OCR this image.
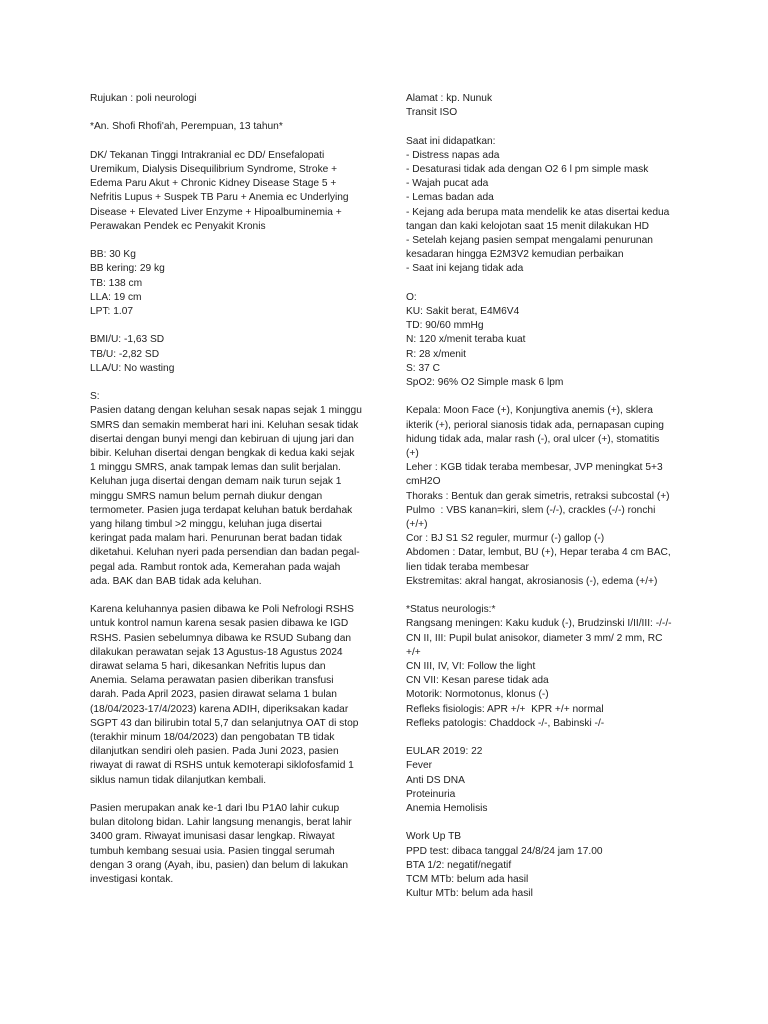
Rujukan : poli neurologi
*An. Shofi Rhofi'ah, Perempuan, 13 tahun*
DK/ Tekanan Tinggi Intrakranial ec DD/ Ensefalopati
Uremikum, Dialysis Disequilibrium Syndrome, Stroke +
Edema Paru Akut + Chronic Kidney Disease Stage 5 +
Nefritis Lupus + Suspek TB Paru + Anemia ec Underlying
Disease + Elevated Liver Enzyme + Hipoalbuminemia +
Perawakan Pendek ec Penyakit Kronis
BB: 30 Kg
BB kering: 29 kg
TB: 138 cm
LLA: 19 cm
LPT: 1.07
BMI/U: -1,63 SD
TB/U: -2,82 SD
LLA/U: No wasting
S:
Pasien datang dengan keluhan sesak napas sejak 1 minggu
SMRS dan semakin memberat hari ini. Keluhan sesak tidak
disertai dengan bunyi mengi dan kebiruan di ujung jari dan
bibir. Keluhan disertai dengan bengkak di kedua kaki sejak
1 minggu SMRS, anak tampak lemas dan sulit berjalan.
Keluhan juga disertai dengan demam naik turun sejak 1
minggu SMRS namun belum pernah diukur dengan
termometer. Pasien juga terdapat keluhan batuk berdahak
yang hilang timbul >2 minggu, keluhan juga disertai
keringat pada malam hari. Penurunan berat badan tidak
diketahui. Keluhan nyeri pada persendian dan badan pegal-
pegal ada. Rambut rontok ada, Kemerahan pada wajah
ada. BAK dan BAB tidak ada keluhan.
Karena keluhannya pasien dibawa ke Poli Nefrologi RSHS
untuk kontrol namun karena sesak pasien dibawa ke IGD
RSHS. Pasien sebelumnya dibawa ke RSUD Subang dan
dilakukan perawatan sejak 13 Agustus-18 Agustus 2024
dirawat selama 5 hari, dikesankan Nefritis lupus dan
Anemia. Selama perawatan pasien diberikan transfusi
darah. Pada April 2023, pasien dirawat selama 1 bulan
(18/04/2023-17/4/2023) karena ADIH, diperiksakan kadar
SGPT 43 dan bilirubin total 5,7 dan selanjutnya OAT di stop
(terakhir minum 18/04/2023) dan pengobatan TB tidak
dilanjutkan sendiri oleh pasien. Pada Juni 2023, pasien
riwayat di rawat di RSHS untuk kemoterapi siklofosfamid 1
siklus namun tidak dilanjutkan kembali.
Pasien merupakan anak ke-1 dari Ibu P1A0 lahir cukup
bulan ditolong bidan. Lahir langsung menangis, berat lahir
3400 gram. Riwayat imunisasi dasar lengkap. Riwayat
tumbuh kembang sesuai usia. Pasien tinggal serumah
dengan 3 orang (Ayah, ibu, pasien) dan belum di lakukan
investigasi kontak.
Alamat : kp. Nunuk
Transit ISO
Saat ini didapatkan:
- Distress napas ada
- Desaturasi tidak ada dengan O2 6 l pm simple mask
- Wajah pucat ada
- Lemas badan ada
- Kejang ada berupa mata mendelik ke atas disertai kedua
tangan dan kaki kelojotan saat 15 menit dilakukan HD
- Setelah kejang pasien sempat mengalami penurunan
kesadaran hingga E2M3V2 kemudian perbaikan
- Saat ini kejang tidak ada
O:
KU: Sakit berat, E4M6V4
TD: 90/60 mmHg
N: 120 x/menit teraba kuat
R: 28 x/menit
S: 37 C
SpO2: 96% O2 Simple mask 6 lpm
Kepala: Moon Face (+), Konjungtiva anemis (+), sklera
ikterik (+), perioral sianosis tidak ada, pernapasan cuping
hidung tidak ada, malar rash (-), oral ulcer (+), stomatitis
(+)
Leher : KGB tidak teraba membesar, JVP meningkat 5+3
cmH2O
Thoraks : Bentuk dan gerak simetris, retraksi subcostal (+)
Pulmo  : VBS kanan=kiri, slem (-/-), crackles (-/-) ronchi
(+/+)
Cor : BJ S1 S2 reguler, murmur (-) gallop (-)
Abdomen : Datar, lembut, BU (+), Hepar teraba 4 cm BAC,
lien tidak teraba membesar
Ekstremitas: akral hangat, akrosianosis (-), edema (+/+)
*Status neurologis:*
Rangsang meningen: Kaku kuduk (-), Brudzinski I/II/III: -/-/-
CN II, III: Pupil bulat anisokor, diameter 3 mm/ 2 mm, RC
+/+
CN III, IV, VI: Follow the light
CN VII: Kesan parese tidak ada
Motorik: Normotonus, klonus (-)
Refleks fisiologis: APR +/+  KPR +/+ normal
Refleks patologis: Chaddock -/-, Babinski -/-
EULAR 2019: 22
Fever
Anti DS DNA
Proteinuria
Anemia Hemolisis
Work Up TB
PPD test: dibaca tanggal 24/8/24 jam 17.00
BTA 1/2: negatif/negatif
TCM MTb: belum ada hasil
Kultur MTb: belum ada hasil
